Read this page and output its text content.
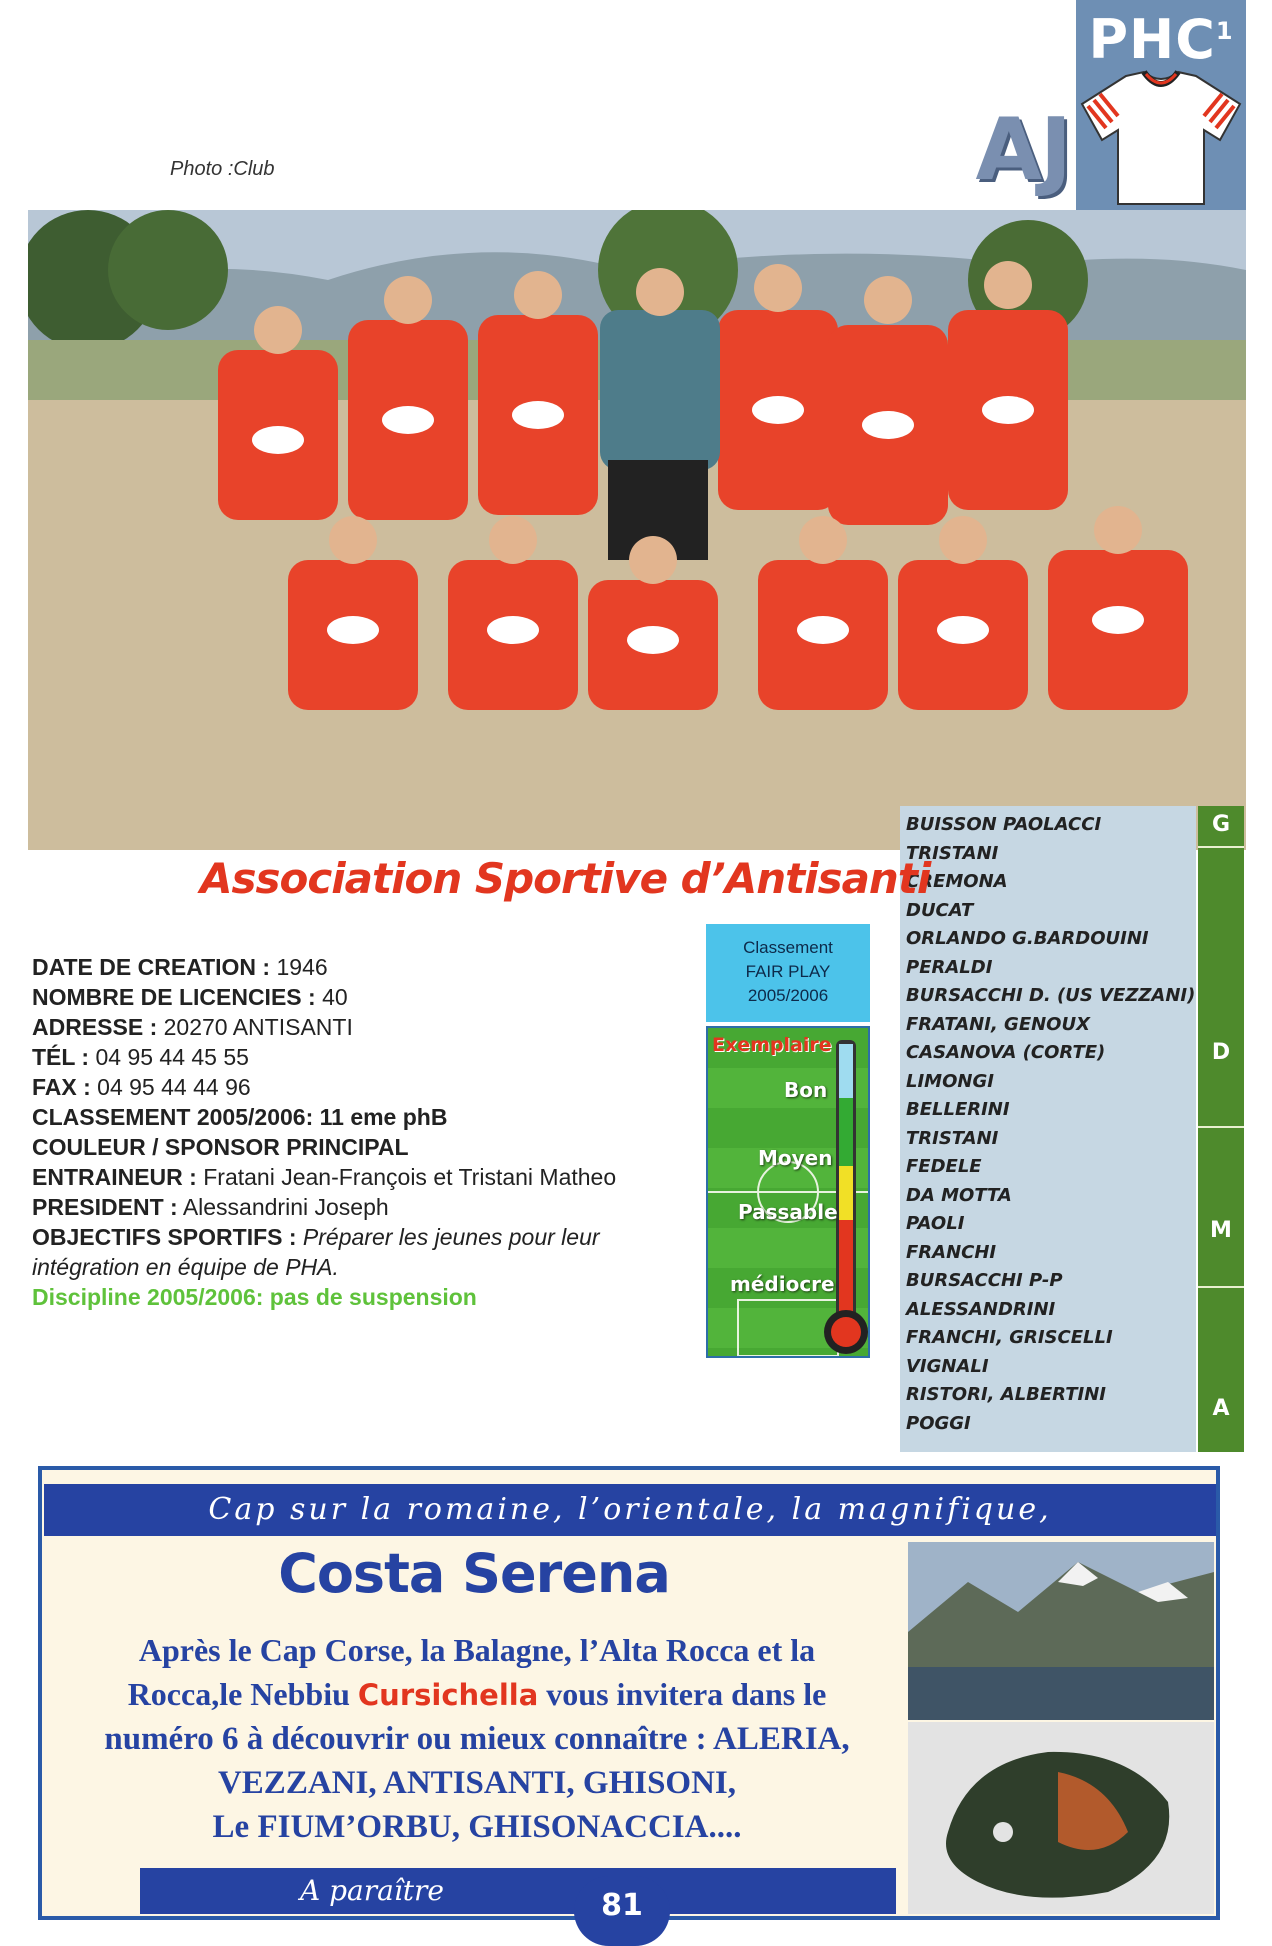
PHC$^1$
Photo :Club	AJ
BUISSON PAOLACCI
TRISTANI
CREMONA
DUCAT
ORLANDO G.BARDOUINI
PERALDI
BURSACCHI D. (US VEZZANI)
FRATANI, GENOUX
CASANOVA (CORTE)
LIMONGI
BELLERINI
TRISTANI
FEDELE
DA MOTTA
PAOLI
FRANCHI
BURSACCHI P-P
ALESSANDRINI
FRANCHI, GRISCELLI
VIGNALI
RISTORI, ALBERTINI
POGGI
G
D
M
A
Association Sportive d’Antisanti
DATE DE CREATION : 1946
NOMBRE DE LICENCIES : 40
ADRESSE : 20270 ANTISANTI
TÉL : 04 95 44 45 55
FAX : 04 95 44 44 96
CLASSEMENT 2005/2006: 11 eme phB
COULEUR / SPONSOR PRINCIPAL
ENTRAINEUR : Fratani Jean-François et Tristani Matheo
PRESIDENT : Alessandrini Joseph
OBJECTIFS SPORTIFS : Préparer les jeunes pour leur
intégration en équipe de PHA.
Discipline 2005/2006: pas de suspension
Classement
FAIR PLAY
2005/2006
Exemplaire
Bon
Moyen
Passable
médiocre
Cap sur la romaine, l’orientale, la magnifique,
Costa Serena
Après le Cap Corse, la Balagne, l’Alta Rocca et la
Rocca,le Nebbiu Cursichella vous invitera dans le
numéro 6 à découvrir ou mieux connaître : ALERIA,
VEZZANI, ANTISANTI, GHISONI,
Le FIUM’ORBU, GHISONACCIA....
A paraître	81
